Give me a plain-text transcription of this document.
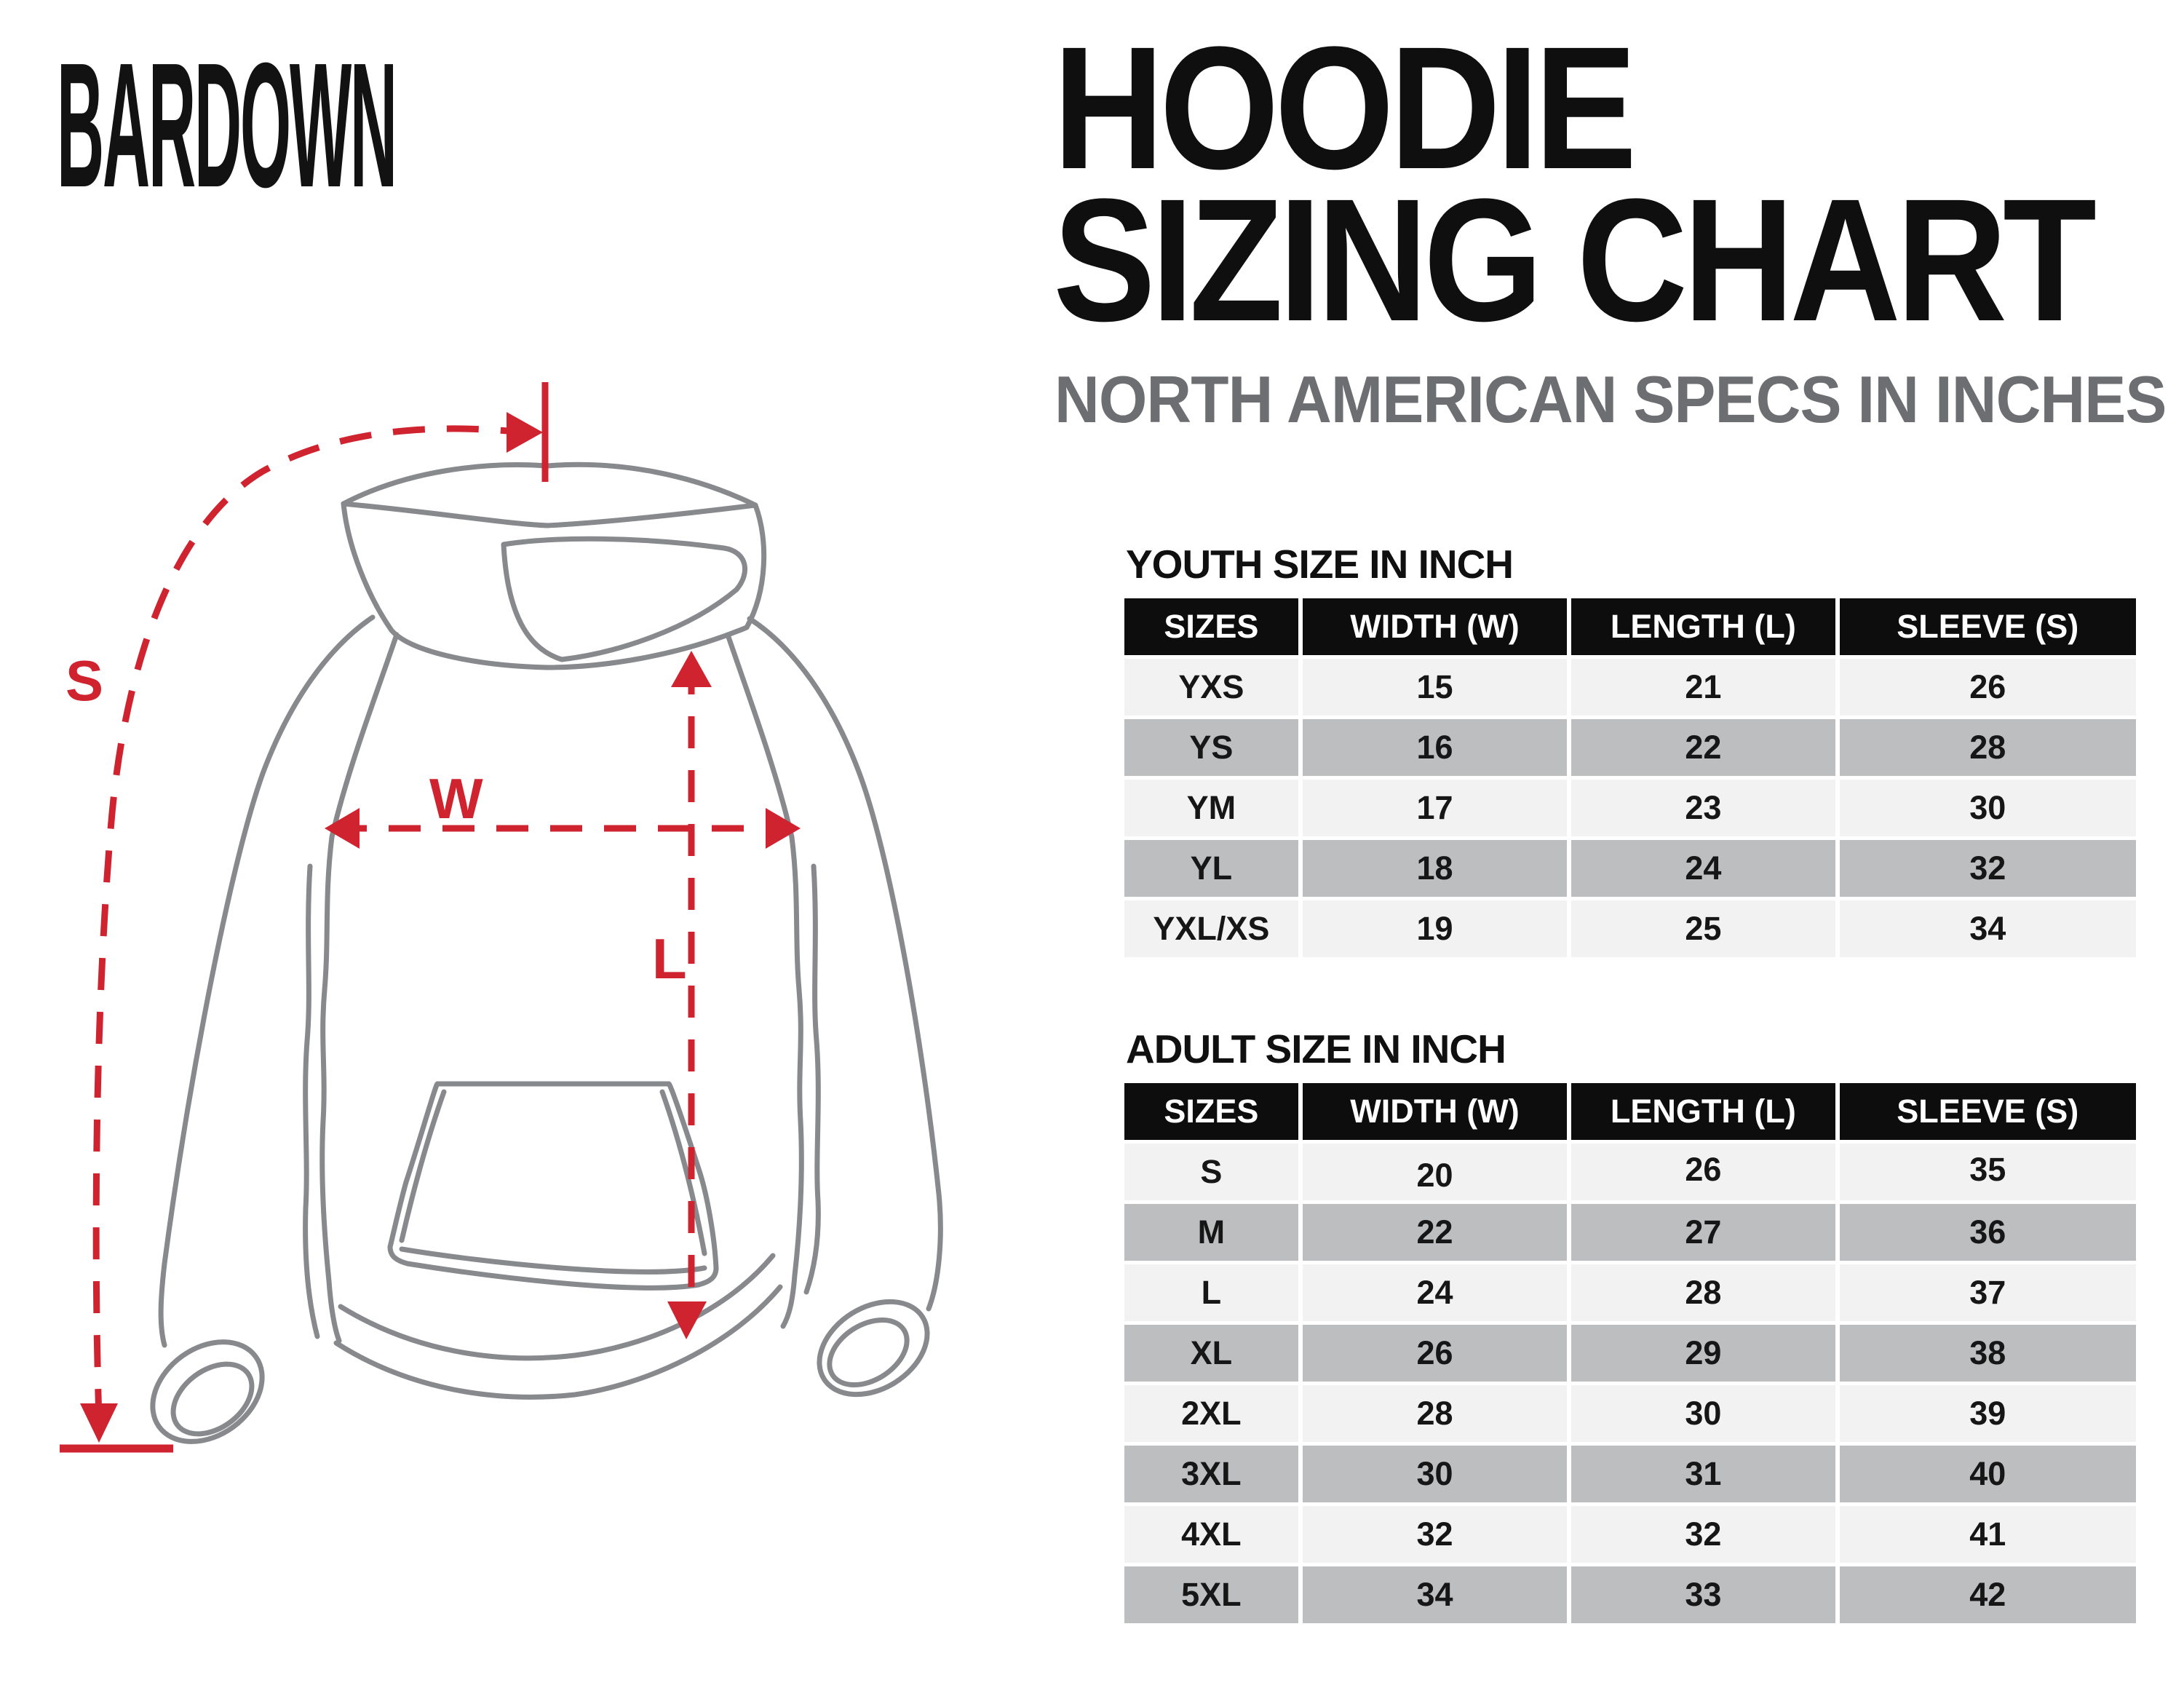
BARDOWN	HOODIE
SIZING CHART
NORTH AMERICAN SPECS IN INCHES
S
W
L
YOUTH SIZE IN INCH
SIZES	WIDTH (W)	LENGTH (L)	SLEEVE (S)
YXS	15	21	26
YS	16	22	28
YM	17	23	30
YL	18	24	32
YXL/XS	19	25	34
ADULT SIZE IN INCH
SIZES	WIDTH (W)	LENGTH (L)	SLEEVE (S)
S	20	26	35
M	22	27	36
L	24	28	37
XL	26	29	38
2XL	28	30	39
3XL	30	31	40
4XL	32	32	41
5XL	34	33	42
